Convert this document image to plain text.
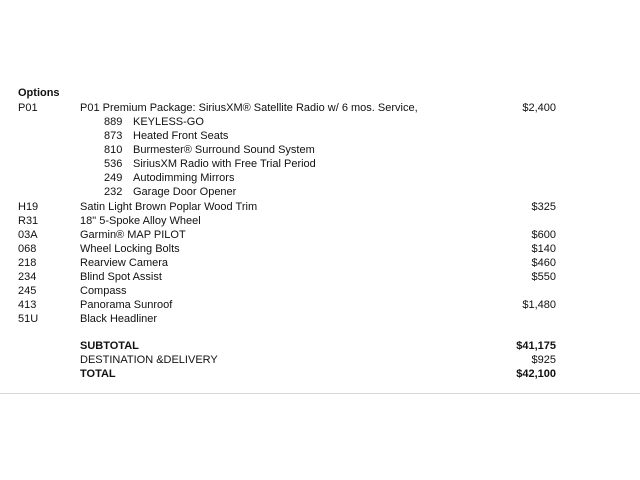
Options
P01	P01 Premium Package: SiriusXM® Satellite Radio w/ 6 mos. Service,	$2,400
889 KEYLESS-GO
873 Heated Front Seats
810 Burmester® Surround Sound System
536 SiriusXM Radio with Free Trial Period
249 Autodimming Mirrors
232 Garage Door Opener
H19	Satin Light Brown Poplar Wood Trim	$325
R31	18" 5-Spoke Alloy Wheel
03A	Garmin® MAP PILOT	$600
068	Wheel Locking Bolts	$140
218	Rearview Camera	$460
234	Blind Spot Assist	$550
245	Compass
413	Panorama Sunroof	$1,480
51U	Black Headliner
SUBTOTAL	$41,175
DESTINATION &DELIVERY	$925
TOTAL	$42,100
